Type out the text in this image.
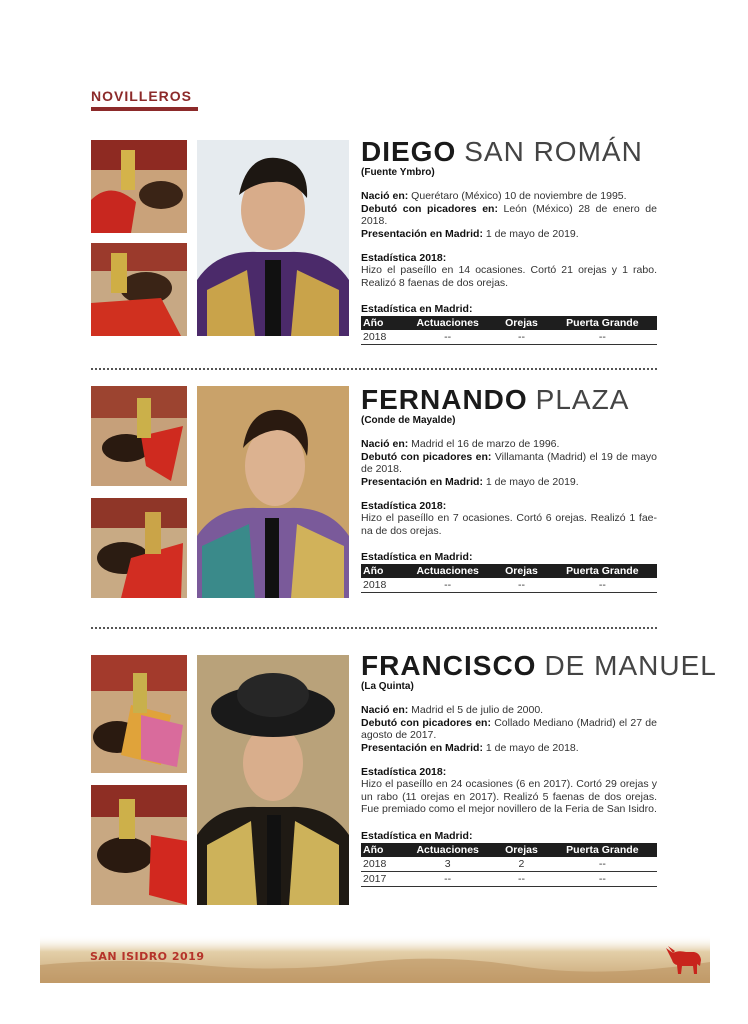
NOVILLEROS
DIEGO SAN ROMÁN
(Fuente Ymbro)
Nació en: Querétaro (México) 10 de noviembre de 1995.
Debutó con picadores en: León (México) 28 de enero de 2018.
Presentación en Madrid: 1 de mayo de 2019.
Estadística 2018:
Hizo el paseíllo en 14 ocasiones. Cortó 21 orejas y 1 rabo. Realizó 8 faenas de dos orejas.
Estadística en Madrid:
Año	Actuaciones	Orejas	Puerta Grande
2018	--	--	--
FERNANDO PLAZA
(Conde de Mayalde)
Nació en: Madrid el 16 de marzo de 1996.
Debutó con picadores en: Villamanta (Madrid) el 19 de mayo de 2018.
Presentación en Madrid: 1 de mayo de 2019.
Estadística 2018:
Hizo el paseíllo en 7 ocasiones. Cortó 6 orejas. Realizó 1 fae-na de dos orejas.
Estadística en Madrid:
Año	Actuaciones	Orejas	Puerta Grande
2018	--	--	--
FRANCISCO DE MANUEL
(La Quinta)
Nació en: Madrid el 5 de julio de 2000.
Debutó con picadores en: Collado Mediano (Madrid) el 27 de agosto de 2017.
Presentación en Madrid: 1 de mayo de 2018.
Estadística 2018:
Hizo el paseíllo en 24 ocasiones (6 en 2017). Cortó 29 orejas y un rabo (11 orejas en 2017). Realizó 5 faenas de dos orejas. Fue premiado como el mejor novillero de la Feria de San Isidro.
Estadística en Madrid:
Año	Actuaciones	Orejas	Puerta Grande
2018	3	2	--
2017	--	--	--
SAN ISIDRO 2019
